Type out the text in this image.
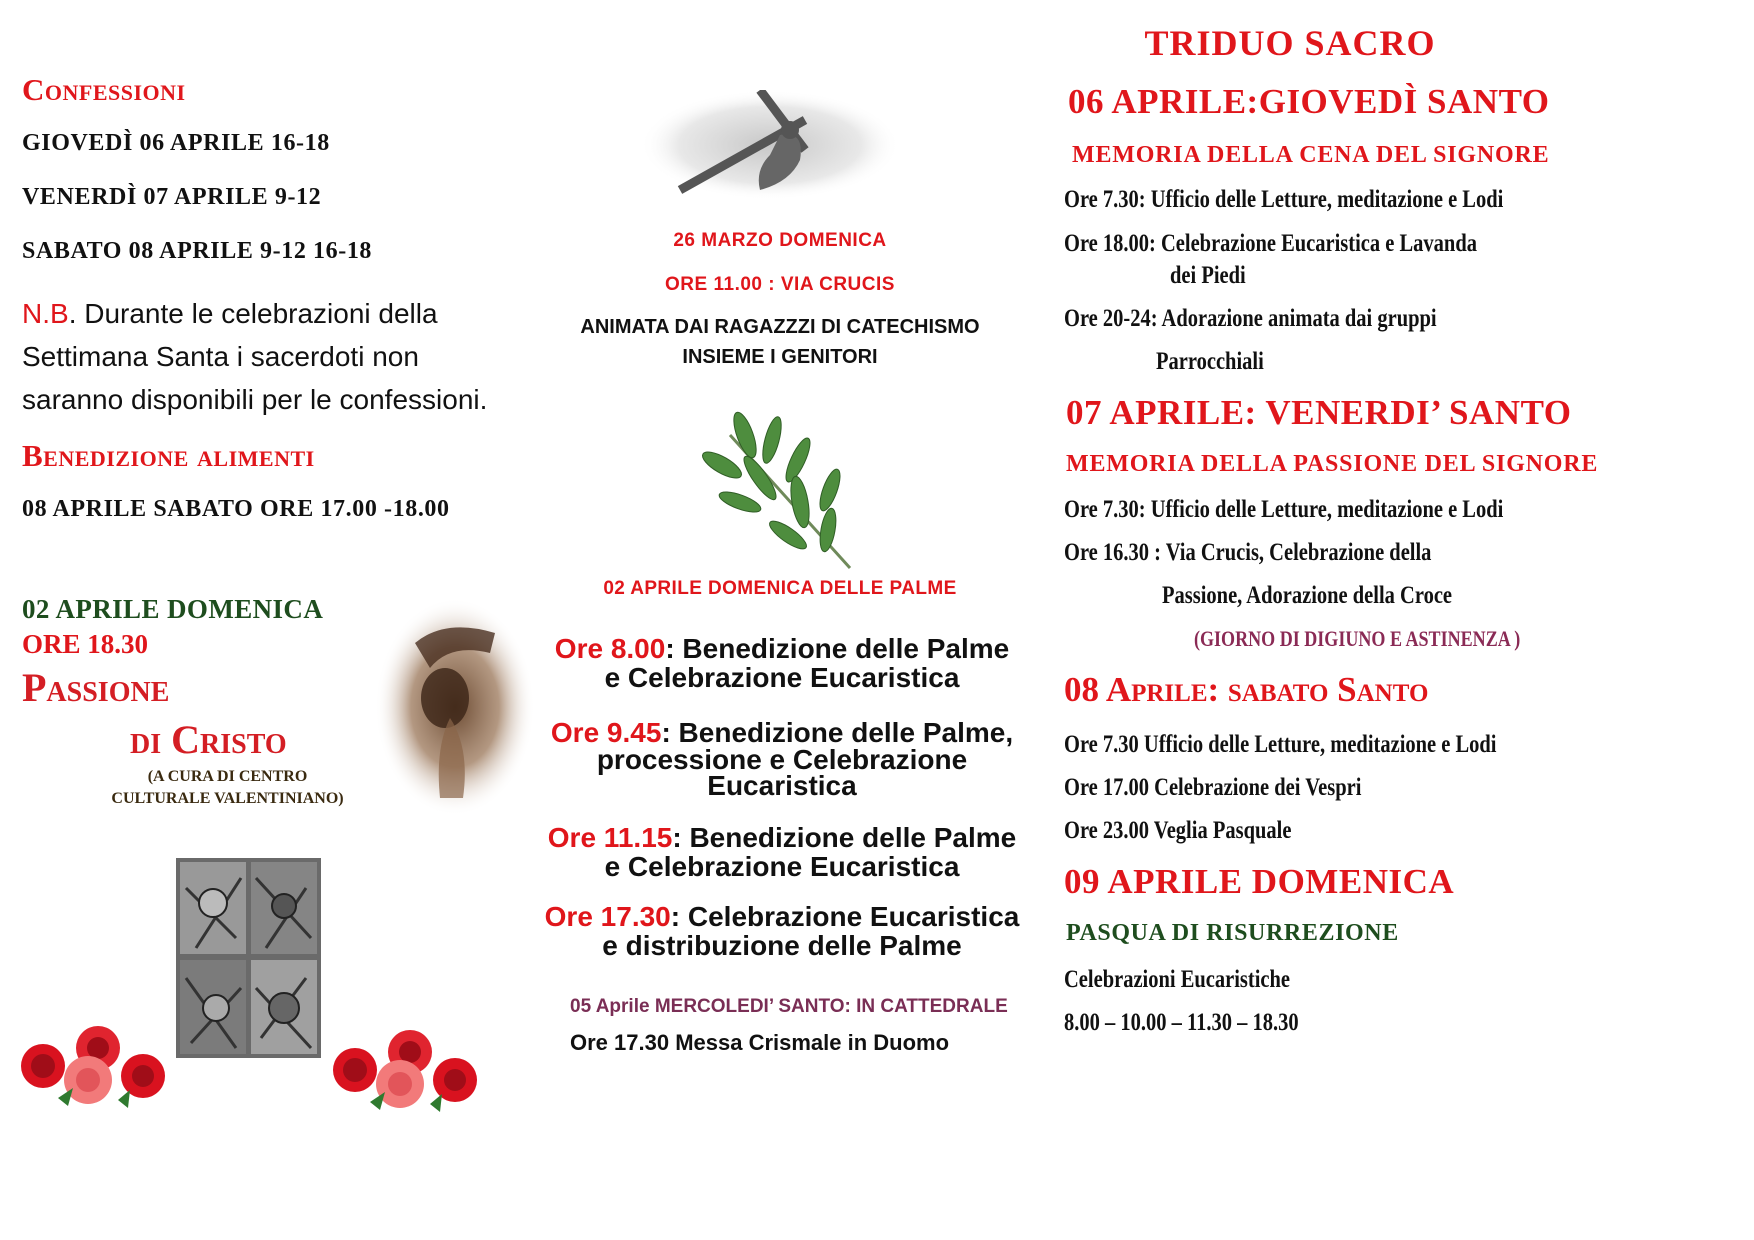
Confessioni
GIOVEDÌ 06 APRILE 16-18
VENERDÌ 07 APRILE 9-12
SABATO 08 APRILE 9-12 16-18
N.B. Durante le celebrazioni della Settimana Santa i sacerdoti non saranno disponibili per le confessioni.
Benedizione alimenti
08 APRILE SABATO ORE 17.00 -18.00
02 APRILE DOMENICA
ORE 18.30
Passione
di Cristo
(A CURA DI CENTRO
CULTURALE VALENTINIANO)
26 MARZO DOMENICA
ORE 11.00 : VIA CRUCIS
ANIMATA DAI RAGAZZZI DI CATECHISMO
INSIEME I GENITORI
02 APRILE DOMENICA DELLE PALME
Ore 8.00: Benedizione delle Palme
e Celebrazione Eucaristica
Ore 9.45: Benedizione delle Palme,
processione e Celebrazione
Eucaristica
Ore 11.15: Benedizione delle Palme
e Celebrazione Eucaristica
Ore 17.30: Celebrazione Eucaristica
e distribuzione delle Palme
05 Aprile MERCOLEDI’ SANTO: IN CATTEDRALE
Ore 17.30 Messa Crismale in Duomo
TRIDUO SACRO
06 APRILE:GIOVEDÌ SANTO
MEMORIA DELLA CENA DEL SIGNORE
Ore 7.30: Ufficio delle Letture, meditazione e Lodi
Ore 18.00: Celebrazione Eucaristica e Lavanda
dei Piedi
Ore 20-24: Adorazione animata dai gruppi
Parrocchiali
07 APRILE: VENERDI’ SANTO
MEMORIA DELLA PASSIONE DEL SIGNORE
Ore 7.30: Ufficio delle Letture, meditazione e Lodi
Ore 16.30 : Via Crucis, Celebrazione della
Passione, Adorazione della Croce
(GIORNO DI DIGIUNO E ASTINENZA )
08 Aprile: sabato Santo
Ore 7.30 Ufficio delle Letture, meditazione e Lodi
Ore 17.00 Celebrazione dei Vespri
Ore 23.00 Veglia Pasquale
09 APRILE DOMENICA
PASQUA DI RISURREZIONE
Celebrazioni Eucaristiche
8.00 – 10.00 – 11.30 – 18.30
